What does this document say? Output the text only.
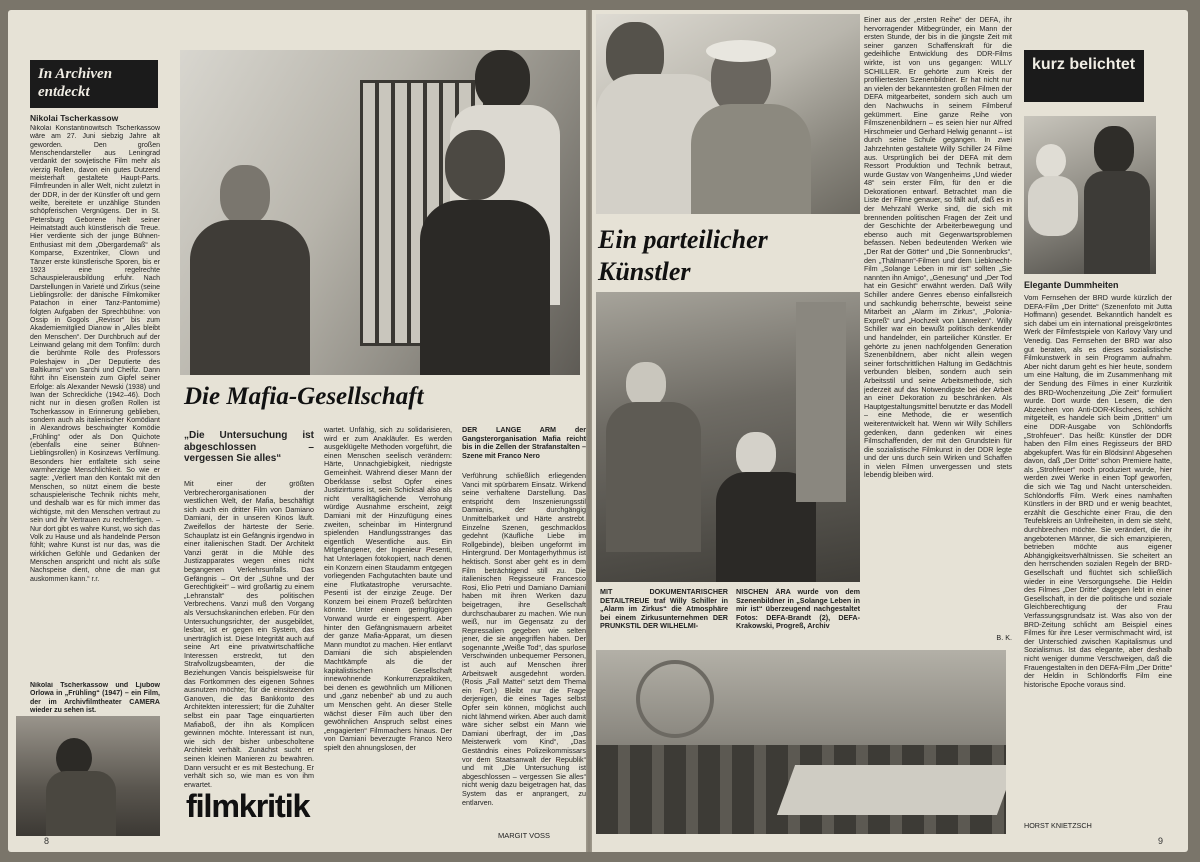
In Archiven entdeckt
Nikolai Tscherkassow
Nikolai Konstantinowitsch Tscherkassow wäre am 27. Juni siebzig Jahre alt geworden. Den großen Menschendarsteller aus Leningrad verdankt der sowjetische Film mehr als vierzig Rollen, davon ein gutes Dutzend meisterhaft gestaltete Haupt-Parts. Filmfreunden in aller Welt, nicht zuletzt in der DDR, in der der Künstler oft und gern weilte, bereitete er unzählige Stunden schöpferischen Vergnügens. Der in St. Petersburg Geborene hielt seiner Heimatstadt auch künstlerisch die Treue. Hier verdiente sich der junge Bühnen-Enthusiast mit dem „Obergardemaß“ als Komparse, Exzentriker, Clown und Tänzer erste künstlerische Sporen, bis er 1923 eine regelrechte Schauspielerausbildung erfuhr. Nach Darstellungen in Varieté und Zirkus (seine Lieblingsrolle: der dänische Filmkomiker Patachon in einer Tanz-Pantomime) folgten Aufgaben der Sprechbühne: von Ossip in Gogols „Revisor“ bis zum Akademiemitglied Dianow in „Alles bleibt den Menschen“. Der Durchbruch auf der Leinwand gelang mit dem Tonfilm: durch die berühmte Rolle des Professors Poleshajew in „Der Deputierte des Baltikums“ von Sarchi und Cheifiz. Dann führt ihn Eisenstein zum Gipfel seiner Erfolge: als Alexander Newski (1938) und Iwan der Schreckliche (1942–46). Doch nicht nur in diesen großen Rollen ist Tscherkassow in Erinnerung geblieben, sondern auch als italienischer Komödiant in Alexandrows beschwingter Komödie „Frühling“ oder als Don Quichote (ebenfalls eine seiner Bühnen-Lieblingsrollen) in Kosinzews Verfilmung. Besonders hier entfaltete sich seine warmherzige Menschlichkeit. So wie er sagte: „Verliert man den Kontakt mit den Menschen, so nützt einem die beste schauspielerische Technik nichts mehr, und deshalb war es für mich immer das wichtigste, mit den Menschen vertraut zu sein und ihr Vertrauen zu rechtfertigen. – Nur dort gibt es wahre Kunst, wo sich das Volk zu Hause und als handelnde Person fühlt; wahre Kunst ist nur das, was die wirklichen Gefühle und Gedanken der Menschen anspricht und nicht als süße Nachspeise dient, ohne die man gut auskommen kann.“ r.r.
Nikolai Tscherkassow und Ljubow Orlowa in „Frühling“ (1947) – ein Film, der im Archivfilmtheater CAMERA wieder zu sehen ist.
Die Mafia-Gesellschaft
„Die Untersuchung ist abgeschlossen – vergessen Sie alles“
Mit einer der größten Verbrecherorganisationen der westlichen Welt, der Mafia, beschäftigt sich auch ein dritter Film von Damiano Damiani, der in unseren Kinos läuft. Zweifellos der härteste der Serie. Schauplatz ist ein Gefängnis irgendwo in einer italienischen Stadt. Der Architekt Vanzi gerät in die Mühle des Justizapparates wegen eines nicht begangenen Verkehrsunfalls. Das Gefängnis – Ort der „Sühne und der Gerechtigkeit“ – wird großartig zu einem „Lehranstalt“ des politischen Verbrechens. Vanzi muß den Vorgang als Versuchskaninchen erleben. Für den Untersuchungsrichter, der ausgebildet, lesbar, ist er gegen ein System, das unerträglich ist. Diese Integrität auch auf seine Art eine privatwirtschaftliche Interessen erstreckt, tut den Strafvollzugsbeamten, der die Beziehungen Vancis beispielsweise für das Fortkommen des eigenen Sohnes ausnutzen möchte; für die einsitzenden Ganoven, die das Bankkonto des Architekten interessiert; für die Zuhälter selbst ein paar Tage einquartierten Mafiaboß, der ihn als Komplicen gewinnen möchte. Interessant ist nun, wie sich der bisher unbescholtene Architekt verhält. Zunächst sucht er seinen kleinen Manieren zu bewahren. Dann versucht er es mit Bestechung. Er verhält sich so, wie man es von ihm erwartet.
wartet. Unfähig, sich zu solidarisieren, wird er zum Anakläufer. Es werden ausgeklügelte Methoden vorgeführt, die einen Menschen seelisch verändern: Härte, Unnachgiebigkeit, niedrigste Gemeinheit. Während dieser Mann der Oberklasse selbst Opfer eines Justizirrtums ist, sein Schicksal also als nicht veralltäglichende Verrohung würdige Ausnahme erscheint, zeigt Damiani mit der Hinzufügung eines zweiten, scheinbar im Hintergrund spielenden Handlungsstranges das eigentlich Wesentliche aus. Ein Mitgefangener, der Ingenieur Pesenti, hat Unterlagen fotokopiert, nach denen ein Konzern einen Staudamm entgegen vorliegenden Fachgutachten baute und eine Flutkatastrophe verursachte. Pesenti ist der einzige Zeuge. Der Konzern bei einem Prozeß befürchten könnte. Unter einem geringfügigen Vorwand wurde er eingesperrt. Aber hinter den Gefängnismauern arbeitet der ganze Mafia-Apparat, um diesen Mann mundtot zu machen. Hier entlarvt Damiani die sich abspielenden Machtkämpfe als die der kapitalistischen Gesellschaft innewohnende Konkurrenzpraktiken, bei denen es gewöhnlich um Millionen und „ganz nebenbei“ ab und zu auch um Menschen geht. An dieser Stelle wächst dieser Film auch über den gewöhnlichen Anspruch selbst eines „engagierten“ Filmmachers hinaus. Der von Damiani beverzugte Franco Nero spielt den ahnungslosen, der
DER LANGE ARM der Gangsterorganisation Mafia reicht bis in die Zellen der Strafanstalten – Szene mit Franco Nero
Verführung schließlich erliegenden Vanci mit spürbarem Einsatz. Wirkend seine verhaltene Darstellung. Das entspricht dem Inszenierungsstil Damianis, der durchgängig Unmittelbarkeit und Härte anstrebt. Einzelne Szenen, geschmacklos gedehnt (Käufliche Liebe im Rollgebinde), bleiben ungeformt im Hintergrund. Der Montagerhythmus ist hektisch. Sonst aber geht es in dem Film beträchtigend still zu. Die italienischen Regisseure Francesco Rosi, Elio Petri und Damiano Damiani haben mit ihren Werken dazu beigetragen, ihre Gesellschaft durchschaubarer zu machen. Wie nun weiß, nur im Gegensatz zu der Repressalien gegeben wie selten jener, die sie angegriffen haben. Der sogenannte „Weiße Tod“, das spurlose Verschwinden unbequemer Personen, ist auch auf Menschen ihrer Arbeitswelt ausgedehnt worden. (Rosis „Fall Mattei“ setzt dem Thema ein Fort.) Bleibt nur die Frage derjenigen, die eines Tages selbst Opfer sein können, möglichst auch nicht lähmend wirken. Aber auch damit wäre sicher selbst ein Mann wie Damiani überfragt, der im „Das Meisterwerk vom Kind“, „Das Geständnis eines Polizeikommissars vor dem Staatsanwalt der Republik“ und mit „Die Untersuchung ist abgeschlossen – vergessen Sie alles“ nicht wenig dazu beigetragen hat, das System das er anprangert, zu entlarven.
MARGIT VOSS
filmkritik
8
Einer aus der „ersten Reihe“ der DEFA, ihr hervorragender Mitbegründer, ein Mann der ersten Stunde, der bis in die jüngste Zeit mit seiner ganzen Schaffenskraft für die gedeihliche Entwicklung des DDR-Films wirkte, ist von uns gegangen: WILLY SCHILLER. Er gehörte zum Kreis der profiliertesten Szenenbildner. Er hat nicht nur an vielen der bekanntesten großen Filmen der DEFA mitgearbeitet, sondern sich auch um den Nachwuchs in seinem Filmberuf gekümmert. Eine ganze Reihe von Filmszenenbildnern – es seien hier nur Alfred Hirschmeier und Gerhard Helwig genannt – ist durch seine Schule gegangen. In zwei Jahrzehnten gestaltete Willy Schiller 24 Filme aus. Ursprünglich bei der DEFA mit dem Ressort Produktion und Technik betraut, wurde Gustav von Wangenheims „Und wieder 48“ sein erster Film, für den er die Dekorationen entwarf. Betrachtet man die Liste der Filme genauer, so fällt auf, daß es in der Mehrzahl Werke sind, die sich mit brennenden politischen Fragen der Zeit und der Geschichte der Arbeiterbewegung und ebenso auch mit Gegenwartsproblemen befassen. Neben bedeutenden Werken wie „Der Rat der Götter“ und „Die Sonnenbrucks“, den „Thälmann“-Filmen und dem Liebknecht-Film „Solange Leben in mir ist“ sollten „Sie nannten ihn Amigo“, „Genesung“ und „Der Tod hat ein Gesicht“ erwähnt werden. Daß Willy Schiller andere Genres ebenso einfallsreich und sachkundig beherrschte, beweist seine Mitarbeit an „Alarm im Zirkus“, „Polonia-Expreß“ und „Hochzeit von Länneken“. Willy Schiller war ein bewußt politisch denkender und handelnder, ein parteilicher Künstler. Er gehörte zu jenen nachfolgenden Generation Szenenbildnern, aber nicht allein wegen seiner fortschrittlichen Haltung im Gedächtnis verbunden bleiben, sondern auch sein Arbeitsstil und seine Arbeitsmethode, sich jederzeit auf das Notwendigste bei der Arbeit an einer Dekoration zu beschränken. Als Hauptgestaltungsmittel benutzte er das Modell – eine Methode, die er wesentlich weiterentwickelt hat. Wenn wir Willy Schillers gedenken, dann gedenken wir eines Filmschaffenden, der mit den Grundstein für die sozialistische Filmkunst in der DDR legte und der uns durch sein Wirken und Schaffen in vielen Filmen unvergessen und stets lebendig bleiben wird.
B. K.
Ein parteilicher Künstler
MIT DOKUMENTARISCHER DETAILTREUE traf Willy Schiller in „Alarm im Zirkus“ die Atmosphäre bei einem Zirkusunternehmen DER PRUNKSTIL DER WILHELMI-
NISCHEN ÄRA wurde von dem Szenenbildner in „Solange Leben in mir ist“ überzeugend nachgestaltet Fotos: DEFA-Brandt (2), DEFA-Krakowski, Progreß, Archiv
kurz belichtet
Elegante Dummheiten
Vom Fernsehen der BRD wurde kürzlich der DEFA-Film „Der Dritte“ (Szenenfoto mit Jutta Hoffmann) gesendet. Bekanntlich handelt es sich dabei um ein international preisgekröntes Werk der Filmfestspiele von Karlovy Vary und Venedig. Das Fernsehen der BRD war also gut beraten, als es dieses sozialistische Filmkunstwerk in sein Programm aufnahm. Aber nicht darum geht es hier heute, sondern um eine Haltung, die im Zusammenhang mit der Sendung des Filmes in einer Kurzkritik des BRD-Wochenzeitung „Die Zeit“ formuliert wurde. Dort wurde den Lesern, die den Abzeichen von Anti-DDR-Klischees, schlicht mitgeteilt, es handele sich beim „Dritten“ um eine DDR-Ausgabe von Schlöndorffs „Strohfeuer“. Das heißt: Künstler der DDR haben den Film eines Regisseurs der BRD abgekupfert. Was für ein Blödsinn! Abgesehen davon, daß „Der Dritte“ schon Premiere hatte, als „Strohfeuer“ noch produziert wurde, hier werden zwei Werke in einen Topf geworfen, die sich wie Tag und Nacht unterscheiden. Schlöndorffs Film. Werk eines namhaften Künstlers in der BRD und er wenig beachtet, erzählt die Geschichte einer Frau, die den Teufelskreis an Unfreiheiten, in dem sie steht, durchbrechen möchte. Sie verändert, die ihr angebotenen Männer, die sich emanzipieren, betrieben möchte aus eigener Abhängigkeitsverhältnissen. Sie scheitert an den herrschenden sozialen Regeln der BRD-Gesellschaft und flüchtet sich schließlich wieder in eine Versorgungsehe. Die Heldin des Filmes „Der Dritte“ dagegen lebt in einer Gesellschaft, in der die politische und soziale Gleichberechtigung der Frau Verfassungsgrundsatz ist. Was also von der BRD-Zeitung schlicht am Beispiel eines Filmes für ihre Leser vermischmacht wird, ist der Unterschied zwischen Kapitalismus und Sozialismus. Ist das elegante, aber deshalb nicht weniger dumme Verschweigen, daß die Frauengestalten in den DEFA-Film „Der Dritte“ der Heldin in Schlöndorffs Film eine historische Epoche voraus sind.
HORST KNIETZSCH
9
